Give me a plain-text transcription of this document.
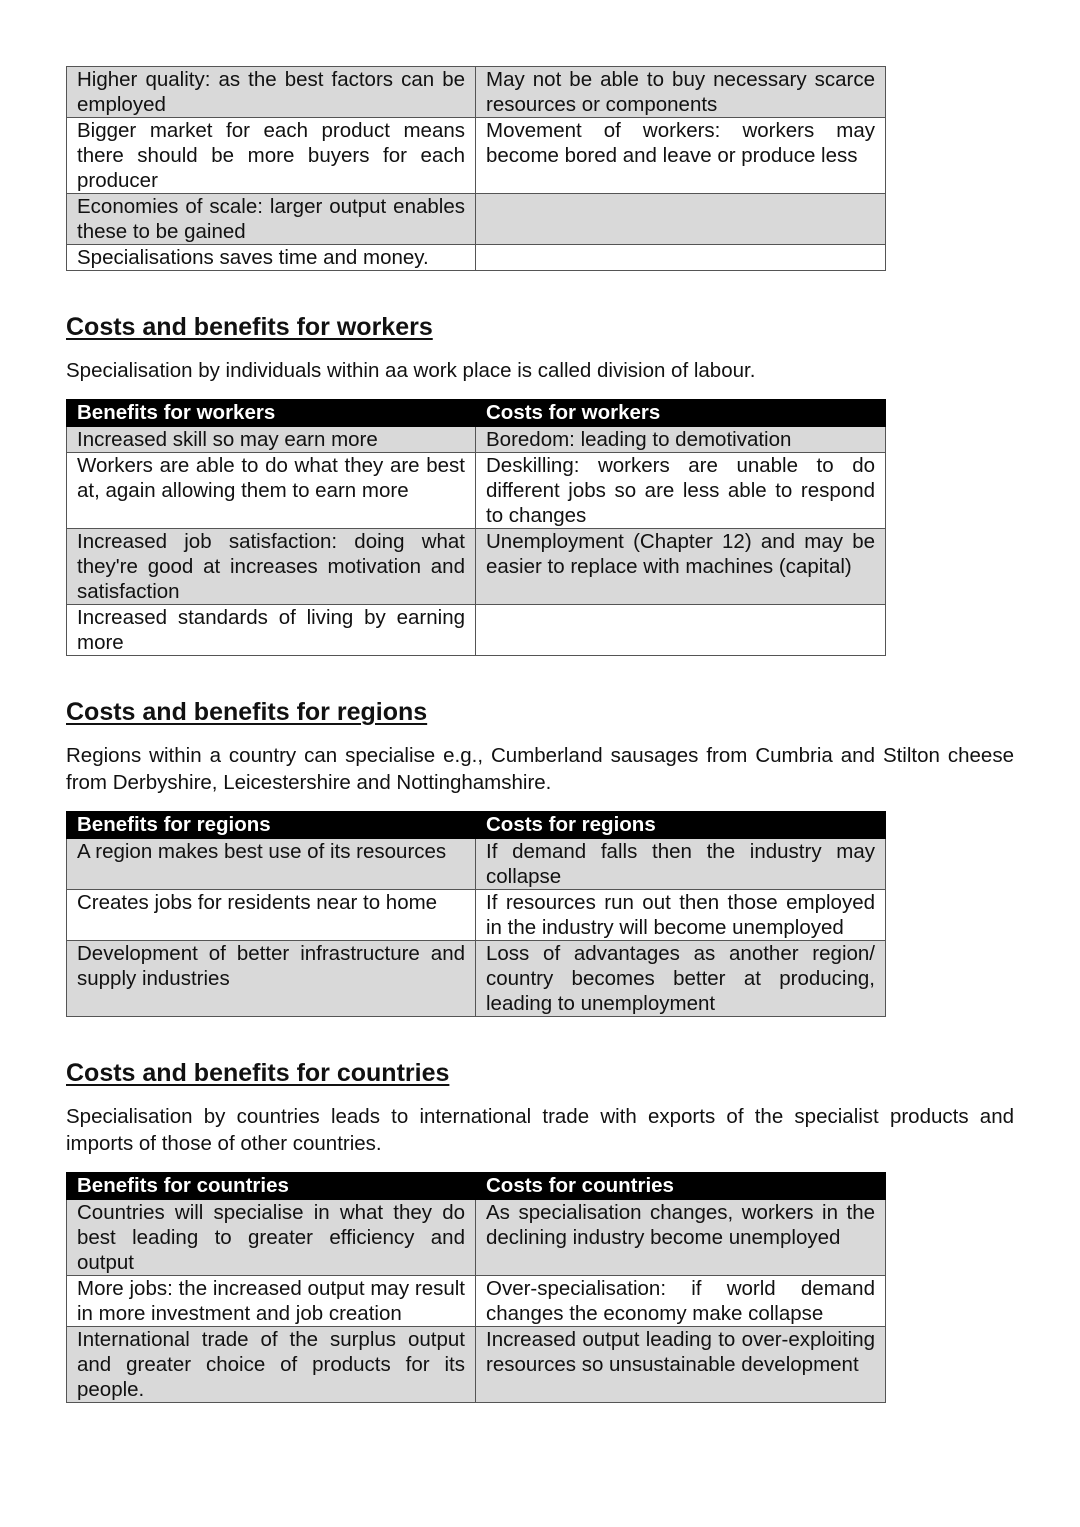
Higher quality: as the best factors can be employed	May not be able to buy necessary scarce resources or components
Bigger market for each product means there should be more buyers for each producer	Movement of workers: workers may become bored and leave or produce less
Economies of scale: larger output enables these to be gained	
Specialisations saves time and money.	
Costs and benefits for workers

Specialisation by individuals within aa work place is called division of labour.

Benefits for workers	Costs for workers
Increased skill so may earn more	Boredom: leading to demotivation
Workers are able to do what they are best at, again allowing them to earn more	Deskilling: workers are unable to do different jobs so are less able to respond to changes
Increased job satisfaction: doing what they're good at increases motivation and satisfaction	Unemployment (Chapter 12) and may be easier to replace with machines (capital)
Increased standards of living by earning more	
Costs and benefits for regions

Regions within a country can specialise e.g., Cumberland sausages from Cumbria and Stilton cheese from Derbyshire, Leicestershire and Nottinghamshire.

Benefits for regions	Costs for regions
A region makes best use of its resources	If demand falls then the industry may collapse
Creates jobs for residents near to home	If resources run out then those employed in the industry will become unemployed
Development of better infrastructure and supply industries	Loss of advantages as another region/ country becomes better at producing, leading to unemployment
Costs and benefits for countries

Specialisation by countries leads to international trade with exports of the specialist products and imports of those of other countries.

Benefits for countries	Costs for countries
Countries will specialise in what they do best leading to greater efficiency and output	As specialisation changes, workers in the declining industry become unemployed
More jobs: the increased output may result in more investment and job creation	Over-specialisation: if world demand changes the economy make collapse
International trade of the surplus output and greater choice of products for its people.	Increased output leading to over-exploiting resources so unsustainable development
